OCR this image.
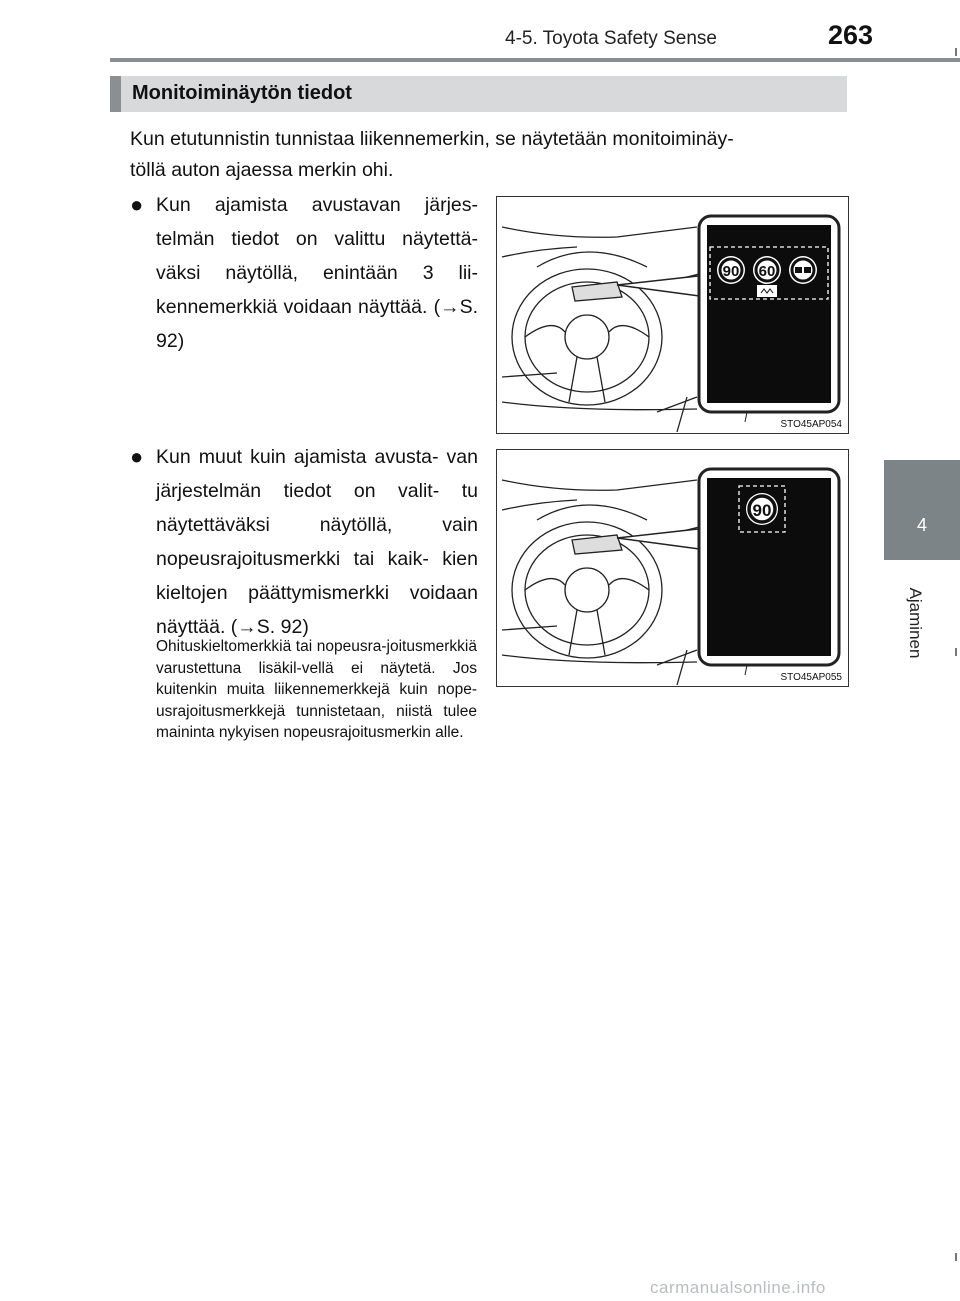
4-5. Toyota Safety Sense	263
4
Ajaminen
Monitoiminäytön tiedot
Kun etutunnistin tunnistaa liikennemerkin, se näytetään monitoiminäy-
töllä auton ajaessa merkin ohi.
● Kun ajamista avustavan järjes- telmän tiedot on valittu näytettä- väksi näytöllä, enintään 3 lii- kennemerkkiä voidaan näyttää. (→S. 92)
● Kun muut kuin ajamista avusta- van järjestelmän tiedot on valit- tu näytettäväksi näytöllä, vain nopeusrajoitusmerkki tai kaik- kien kieltojen päättymismerkki voidaan näyttää. (→S. 92)
Ohituskieltomerkkiä tai nopeusra-joitusmerkkiä varustettuna lisäkil-vellä ei näytetä. Jos kuitenkin muita liikennemerkkejä kuin nope-usrajoitusmerkkejä tunnistetaan, niistä tulee maininta nykyisen nopeusrajoitusmerkin alle.
90 60
STO45AP054
90
STO45AP055
carmanualsonline.info
